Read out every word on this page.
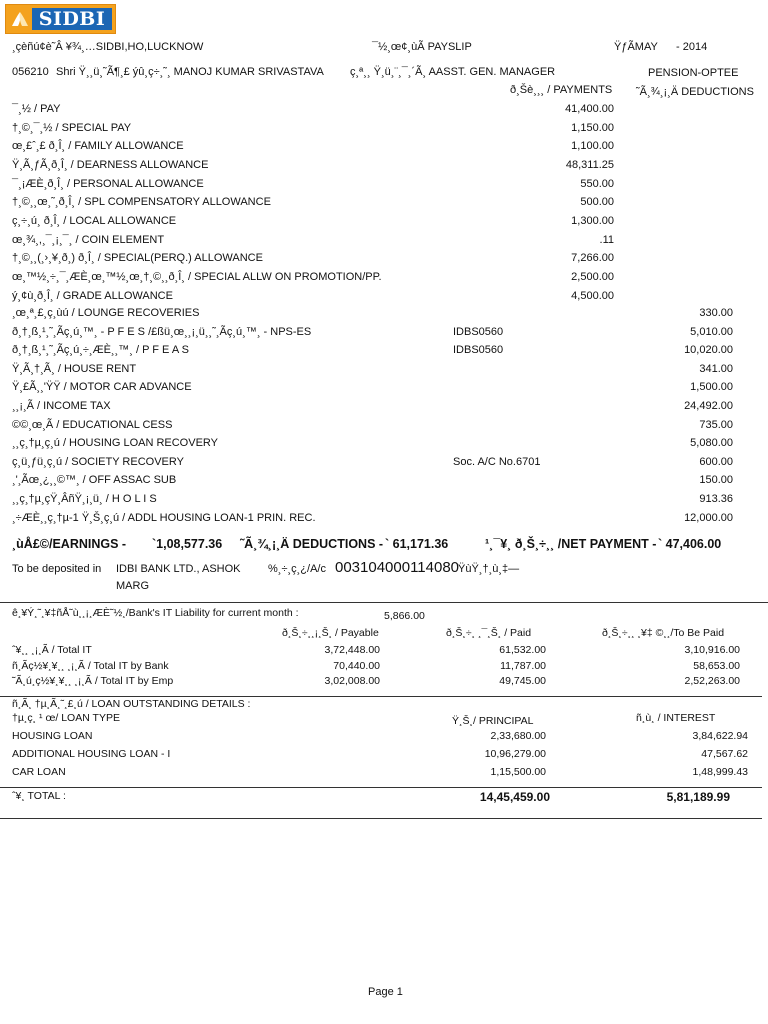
SIDBI
¸çèñú¢è˜Â ¥¾¸…SIDBI,HO,LUCKNOW	¯½¸œ¢¸ùÃ PAYSLIP	ŸƒÃMAY - 2014
056210 Shri Ÿ¸¸ü¸˜Ã¶¸£ ýû¸ç÷¸˜¸ MANOJ KUMAR SRIVASTAVA ç¸ª¸¸ Ÿ¸ü¸¨¸¯¸´Ã¸ AASST. GEN. MANAGER	PENSION-OPTEE
ð¸Šè¸¸¸ / PAYMENTS ˜Ã¸¾¸¡¸Ä DEDUCTIONS
¯¸½ / PAY	41,400.00
†¸©¸¯¸½ / SPECIAL PAY	1,150.00
œ¸£ˆ¸£ ð¸Î¸ / FAMILY ALLOWANCE	1,100.00
Ÿ¸Ã¸ƒÃ¸ð¸Î¸ / DEARNESS ALLOWANCE	48,311.25
¯¸¡ÆÈ¸ð¸Î¸ / PERSONAL ALLOWANCE	550.00
†¸©¸¸œ¸˜¸ð¸Î¸ / SPL COMPENSATORY ALLOWANCE	500.00
ç¸÷¸ú¸ ð¸Î¸ / LOCAL ALLOWANCE	1,300.00
œ¸¾¸,¸¯¸¡¸¯¸ / COIN ELEMENT	.11
†¸©¸¸(¸›¸¥¸ð¸) ð¸Î¸ / SPECIAL(PERQ.) ALLOWANCE	7,266.00
œ¸™½¸÷¸¯¸ÆÈ¸œ¸™½¸œ¸†¸©¸¸ð¸Î¸ / SPECIAL ALLW ON PROMOTION/PP.	2,500.00
ý¸¢ù¸ð¸Î¸ / GRADE ALLOWANCE	4,500.00
¸œ¸ª¸£¸ç¸ùú / LOUNGE RECOVERIES	330.00
ð¸†¸ß¸¹¸˜¸Ãç¸ú¸™¸ - P F E S /£ßü¸œ¸¸¡¸ü¸¸˜¸Ãç¸ú¸™¸ - NPS-ES	IDBS0560	5,010.00
ð¸†¸ß¸¹¸˜¸Ãç¸ú¸÷¸ÆÈ¸¸™¸ / P F E A S	IDBS0560	10,020.00
Ÿ¸Ã¸†¸Ã¸ / HOUSE RENT	341.00
Ÿ¸£Ã¸¸'ŸŸ / MOTOR CAR ADVANCE	1,500.00
¸¸¡¸Ã / INCOME TAX	24,492.00
©©¸œ¸Ã / EDUCATIONAL CESS	735.00
¸¸ç¸†µ¸ç¸ú / HOUSING LOAN RECOVERY	5,080.00
ç¸ü¸ƒü¸ç¸ú / SOCIETY RECOVERY	Soc. A/C No.6701	600.00
¸'¸Ãœ¸¿¸¸©™¸ / OFF ASSAC SUB	150.00
¸¸ç¸†µ¸çŸ¸ÂñŸ¸¡¸ü¸ / H O L I S	913.36
¸÷ÆÈ¸¸ç¸†µ-1 Ÿ¸Š¸ç¸ú / ADDL HOUSING LOAN-1 PRIN. REC.	12,000.00
¸ùÅ£©/EARNINGS - `1,08,577.36 ˜Ã¸¾¸¡¸Ä DEDUCTIONS - ` 61,171.36	¹¸¯¥¸ ð¸Š¸÷¸¸ /NET PAYMENT - ` 47,406.00
To be deposited in IDBI BANK LTD., ASHOK	%¸÷¸ç¸¿/A/c 003104000114080
ŸùŸ¸†¸ù¸‡—
MARG
ê¸¥Ý¸˜¸¥‡ñÅ˜ù¸¸¡¸ÆÈ˜½¸/Bank's IT Liability for current month :	5,866.00
ð¸Š¸÷¸¸¡¸Š¸ / Payable	ð¸Š¸÷¸ ¸¯¸Š¸ / Paid	ð¸Š¸÷¸¸ ¸¥‡ ©¸¸/To Be Paid
ˆ¥¸¸ ¸¡¸Ã / Total IT	3,72,448.00	61,532.00	3,10,916.00
ñ¸Ãç½¥¸¥¸¸ ¸¡¸Ã / Total IT by Bank	70,440.00	11,787.00	58,653.00
˜Ã¸ú¸ç½¥¸¥¸¸ ¸¡¸Ã / Total IT by Emp	3,02,008.00	49,745.00	2,52,263.00
ñ¸Ã¸ †µ¸Ã¸˜¸£¸ú / LOAN OUTSTANDING DETAILS :
†µ¸ç¸ ¹ œ/ LOAN TYPE	Ÿ¸Š¸/ PRINCIPAL	ñ¸ù¸ / INTEREST
HOUSING LOAN	2,33,680.00	3,84,622.94
ADDITIONAL HOUSING LOAN - I	10,96,279.00	47,567.62
CAR LOAN	1,15,500.00	1,48,999.43
ˆ¥¸ TOTAL :	14,45,459.00	5,81,189.99
Page 1
